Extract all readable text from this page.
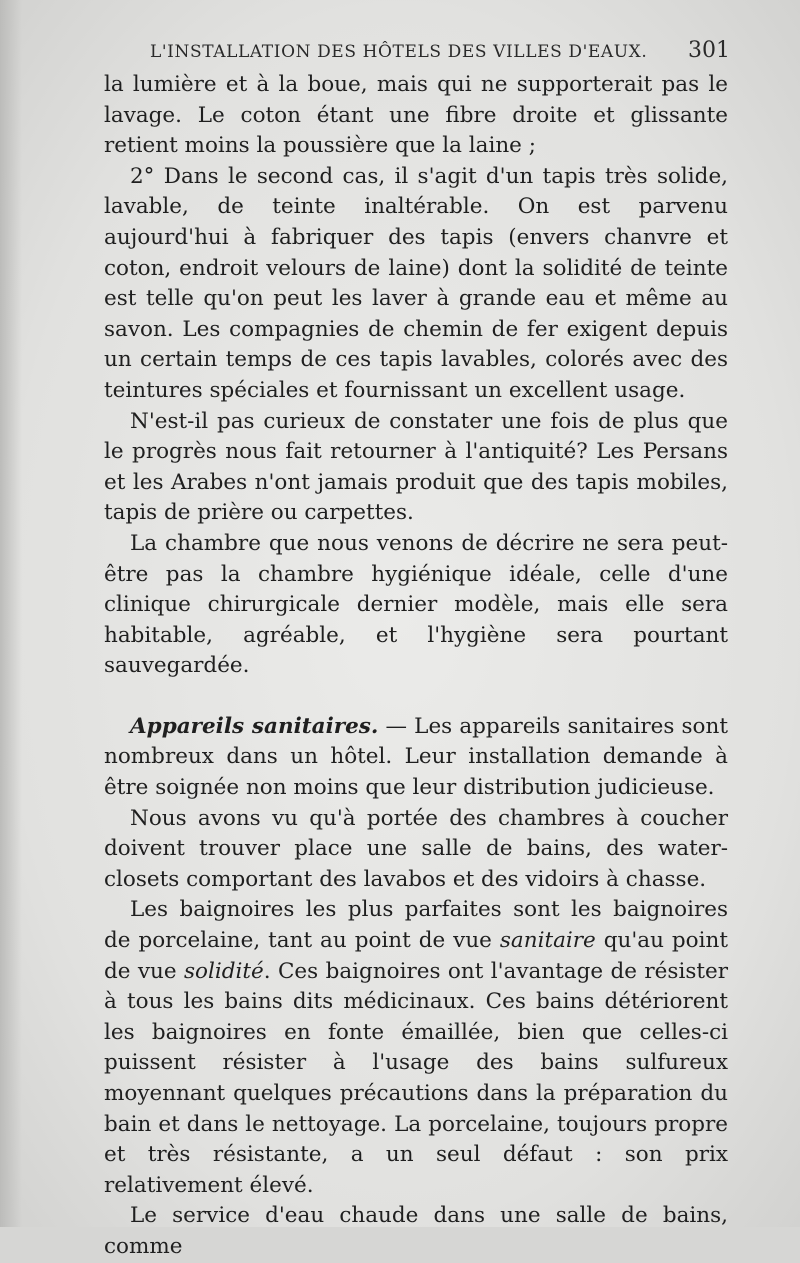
L'INSTALLATION DES HÔTELS DES VILLES D'EAUX. 301

la lumière et à la boue, mais qui ne supporterait pas le lavage. Le coton étant une fibre droite et glissante retient moins la poussière que la laine ;

2° Dans le second cas, il s'agit d'un tapis très solide, lavable, de teinte inaltérable. On est parvenu aujourd'hui à fabriquer des tapis (envers chanvre et coton, endroit velours de laine) dont la solidité de teinte est telle qu'on peut les laver à grande eau et même au savon. Les compagnies de chemin de fer exigent depuis un certain temps de ces tapis lavables, colorés avec des teintures spéciales et fournissant un excellent usage.

N'est-il pas curieux de constater une fois de plus que le progrès nous fait retourner à l'antiquité? Les Persans et les Arabes n'ont jamais produit que des tapis mobiles, tapis de prière ou carpettes.

La chambre que nous venons de décrire ne sera peut-être pas la chambre hygiénique idéale, celle d'une clinique chirurgicale dernier modèle, mais elle sera habitable, agréable, et l'hygiène sera pourtant sauvegardée.

Appareils sanitaires. — Les appareils sanitaires sont nombreux dans un hôtel. Leur installation demande à être soignée non moins que leur distribution judicieuse.

Nous avons vu qu'à portée des chambres à coucher doivent trouver place une salle de bains, des water-closets comportant des lavabos et des vidoirs à chasse.

Les baignoires les plus parfaites sont les baignoires de porcelaine, tant au point de vue sanitaire qu'au point de vue solidité. Ces baignoires ont l'avantage de résister à tous les bains dits médicinaux. Ces bains détériorent les baignoires en fonte émaillée, bien que celles-ci puissent résister à l'usage des bains sulfureux moyennant quelques précautions dans la préparation du bain et dans le nettoyage. La porcelaine, toujours propre et très résistante, a un seul défaut : son prix relativement élevé.

Le service d'eau chaude dans une salle de bains, comme
